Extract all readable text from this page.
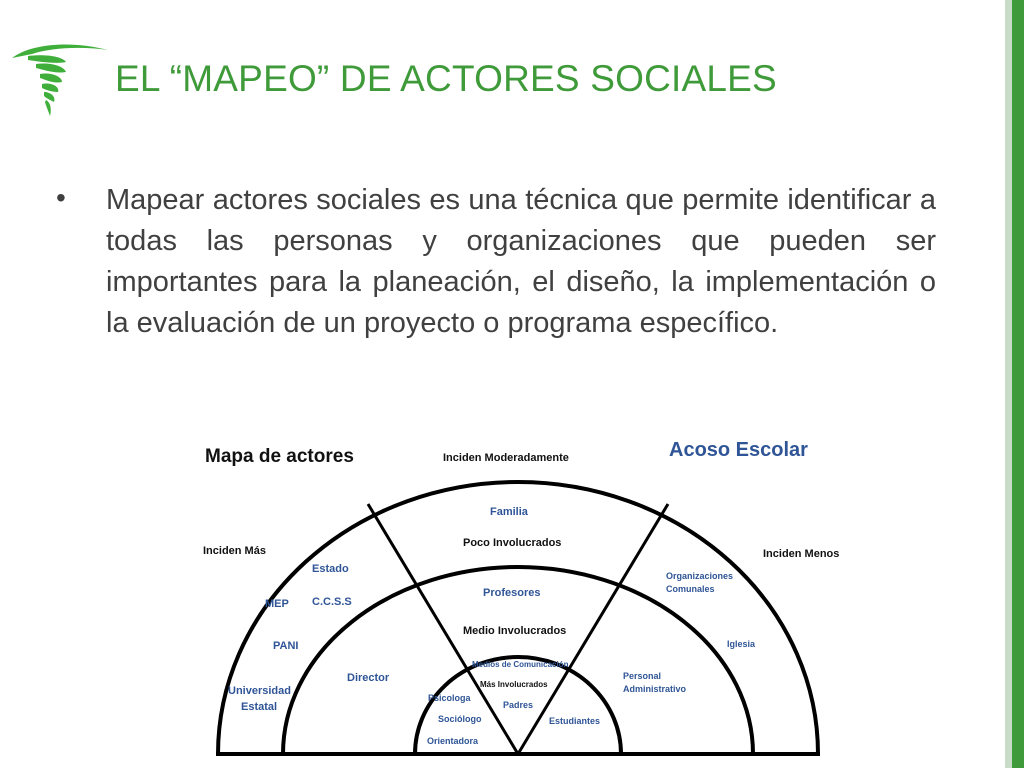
EL “MAPEO” DE ACTORES SOCIALES
• Mapear actores sociales es una técnica que permite identificar a todas las personas y organizaciones que pueden ser importantes para la planeación, el diseño, la implementación o la evaluación de un proyecto o programa específico.
Mapa de actores	Acoso Escolar
Inciden Moderadamente
Inciden Más	Inciden Menos
Poco Involucrados
Medio Involucrados
Más Involucrados
Familia
Estado
C.C.S.S
MEP
PANI
Universidad
Estatal
Director
Profesores
Medios de Comunicación
Psicologa
Padres
Sociólogo
Orientadora
Estudiantes
Organizaciones
Comunales
Iglesia
Personal
Administrativo
